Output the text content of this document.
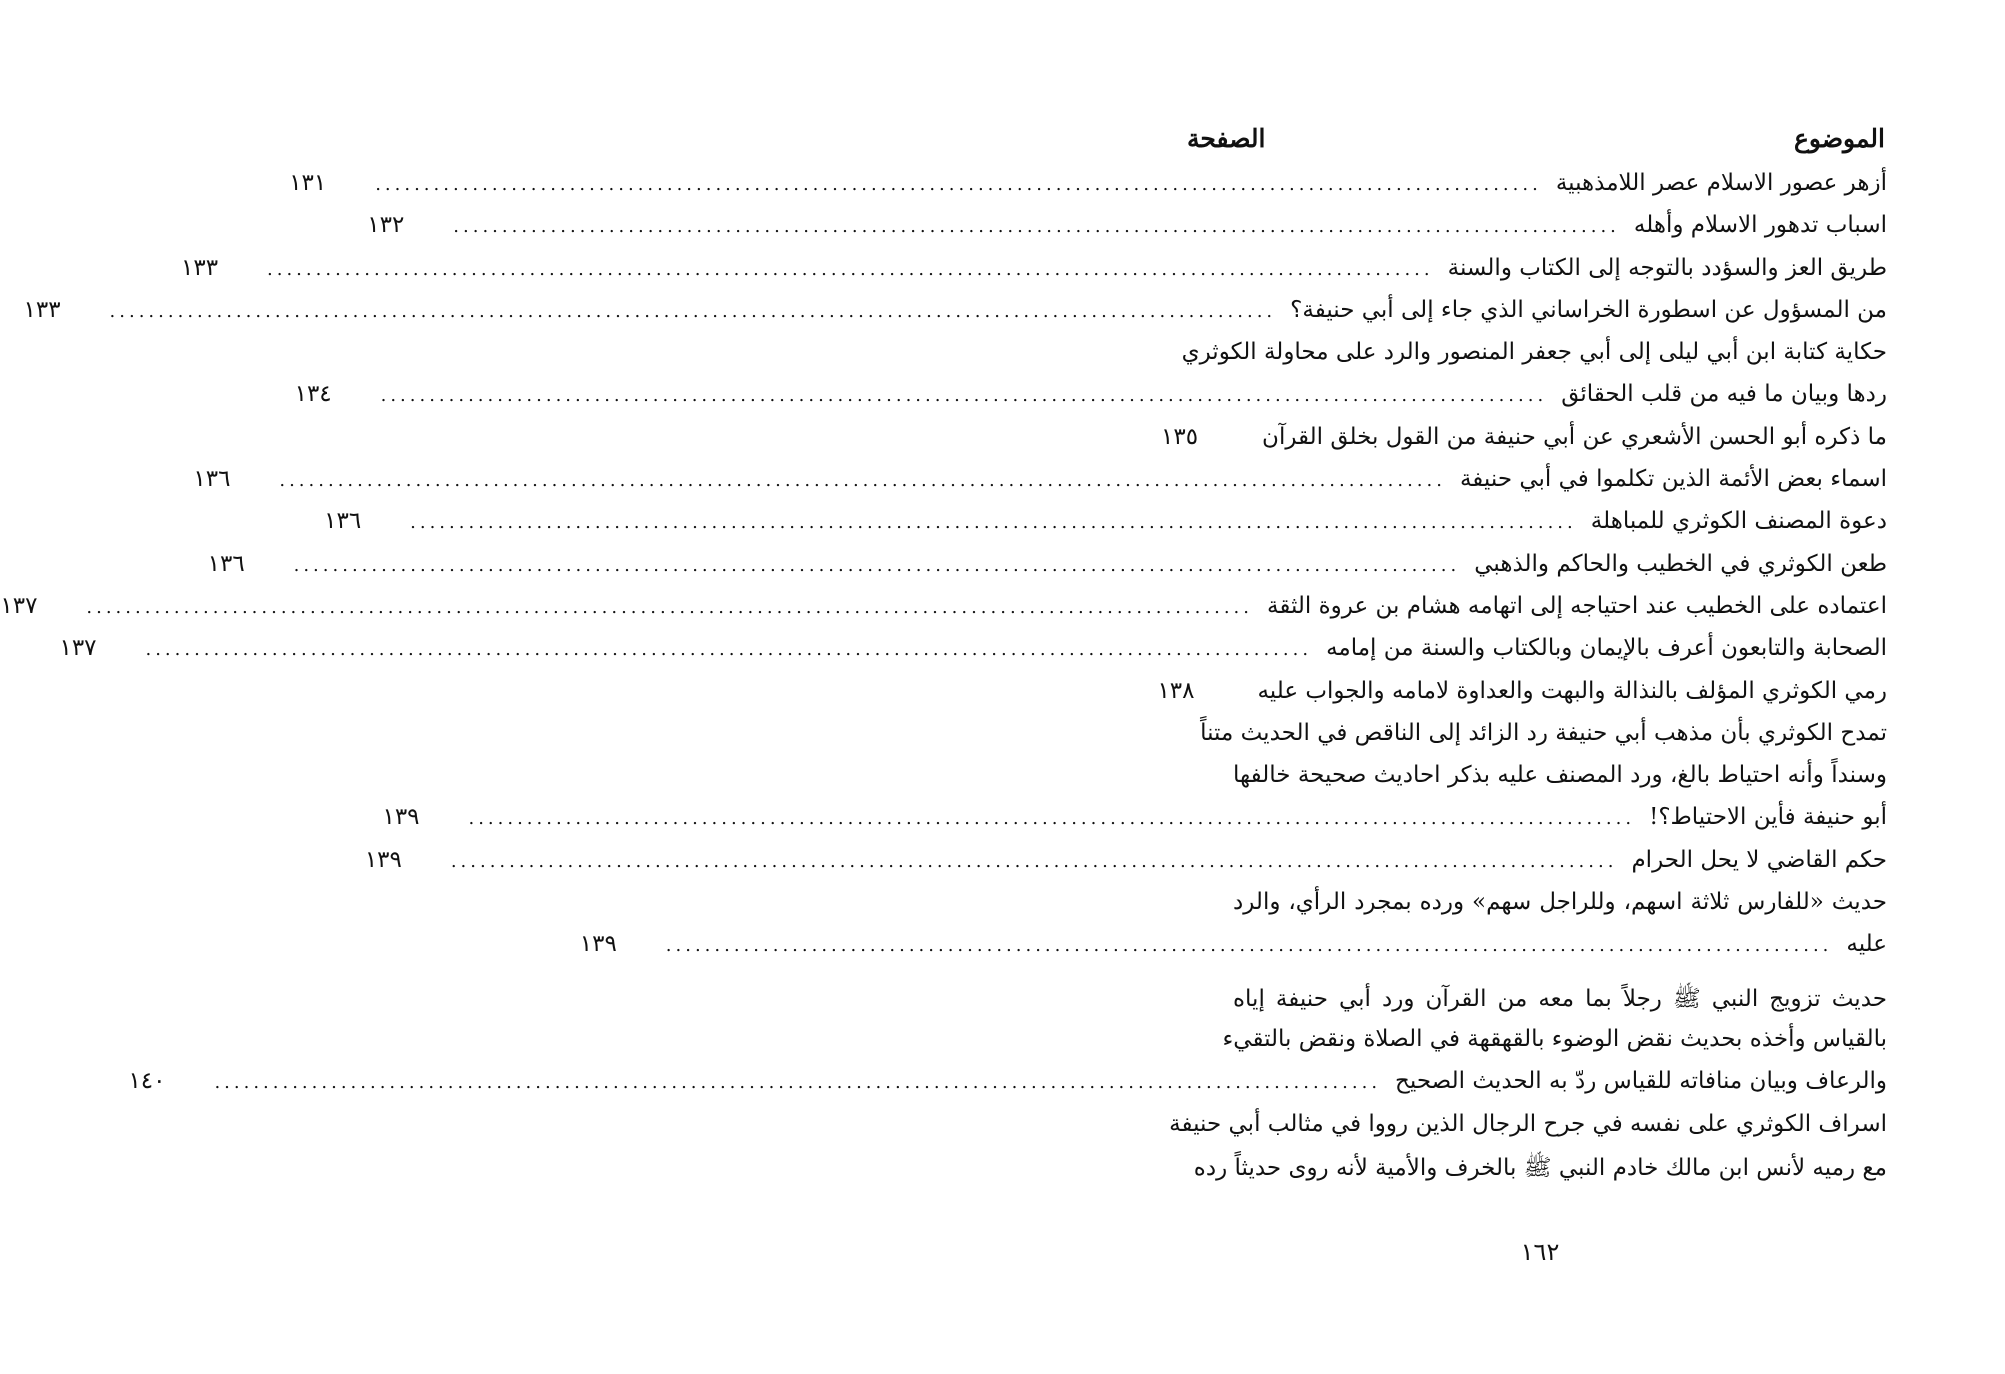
الموضوع
الصفحة
أزهر عصور الاسلام عصر اللامذهبية
........................................................................................................................
١٣١
اسباب تدهور الاسلام وأهله
........................................................................................................................
١٣٢
طريق العز والسؤدد بالتوجه إلى الكتاب والسنة
........................................................................................................................
١٣٣
من المسؤول عن اسطورة الخراساني الذي جاء إلى أبي حنيفة؟
........................................................................................................................
١٣٣
حكاية كتابة ابن أبي ليلى إلى أبي جعفر المنصور والرد على محاولة الكوثري
ردها وبيان ما فيه من قلب الحقائق
........................................................................................................................
١٣٤
ما ذكره أبو الحسن الأشعري عن أبي حنيفة من القول بخلق القرآن
١٣٥
اسماء بعض الأئمة الذين تكلموا في أبي حنيفة
........................................................................................................................
١٣٦
دعوة المصنف الكوثري للمباهلة
........................................................................................................................
١٣٦
طعن الكوثري في الخطيب والحاكم والذهبي
........................................................................................................................
١٣٦
اعتماده على الخطيب عند احتياجه إلى اتهامه هشام بن عروة الثقة
........................................................................................................................
١٣٧
الصحابة والتابعون أعرف بالإيمان وبالكتاب والسنة من إمامه
........................................................................................................................
١٣٧
رمي الكوثري المؤلف بالنذالة والبهت والعداوة لامامه والجواب عليه
١٣٨
تمدح الكوثري بأن مذهب أبي حنيفة رد الزائد إلى الناقص في الحديث متناً
وسنداً وأنه احتياط بالغ، ورد المصنف عليه بذكر احاديث صحيحة خالفها
أبو حنيفة فأين الاحتياط؟!
........................................................................................................................
١٣٩
حكم القاضي لا يحل الحرام
........................................................................................................................
١٣٩
حديث «للفارس ثلاثة اسهم، وللراجل سهم» ورده بمجرد الرأي، والرد
عليه
........................................................................................................................
١٣٩
حديث تزويج النبي ﷺ رجلاً بما معه من القرآن ورد أبي حنيفة إياه
بالقياس وأخذه بحديث نقض الوضوء بالقهقهة في الصلاة ونقض بالتقيء
والرعاف وبيان منافاته للقياس ردّ به الحديث الصحيح
........................................................................................................................
١٤٠
اسراف الكوثري على نفسه في جرح الرجال الذين رووا في مثالب أبي حنيفة
مع رميه لأنس ابن مالك خادم النبي ﷺ بالخرف والأمية لأنه روى حديثاً رده
١٦٢
